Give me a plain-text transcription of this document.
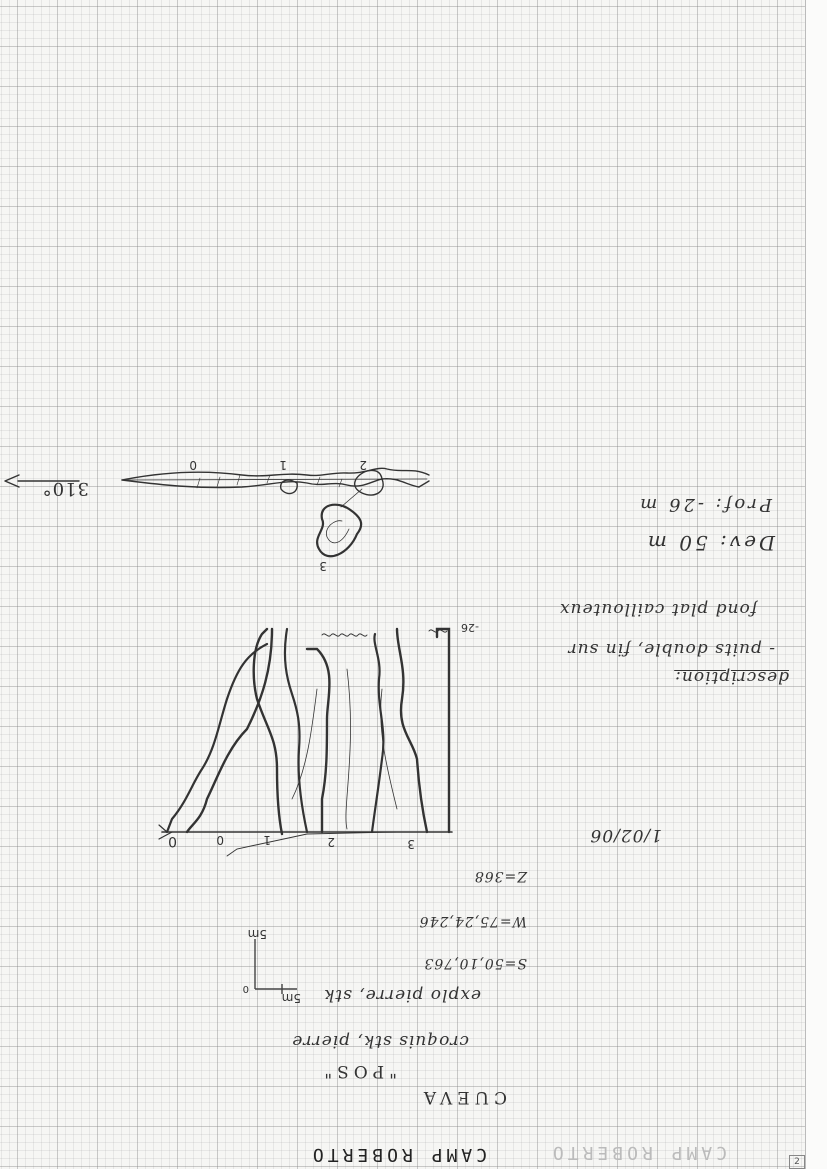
CAMP ROBERTO	CAMP ROBERTO
CUEVA
"POS"
croquis stk, pierre
explo pierre, stk
S=50,10,763
W=75,24,246
Z=368
1/02/06
description:
- puits double, fin sur
fond plat caillouteux
Dev: 50 m
Prof: -26 m
310°
0	1	2
3
0	0	1	2	3
-26
5m
5m
0
2
